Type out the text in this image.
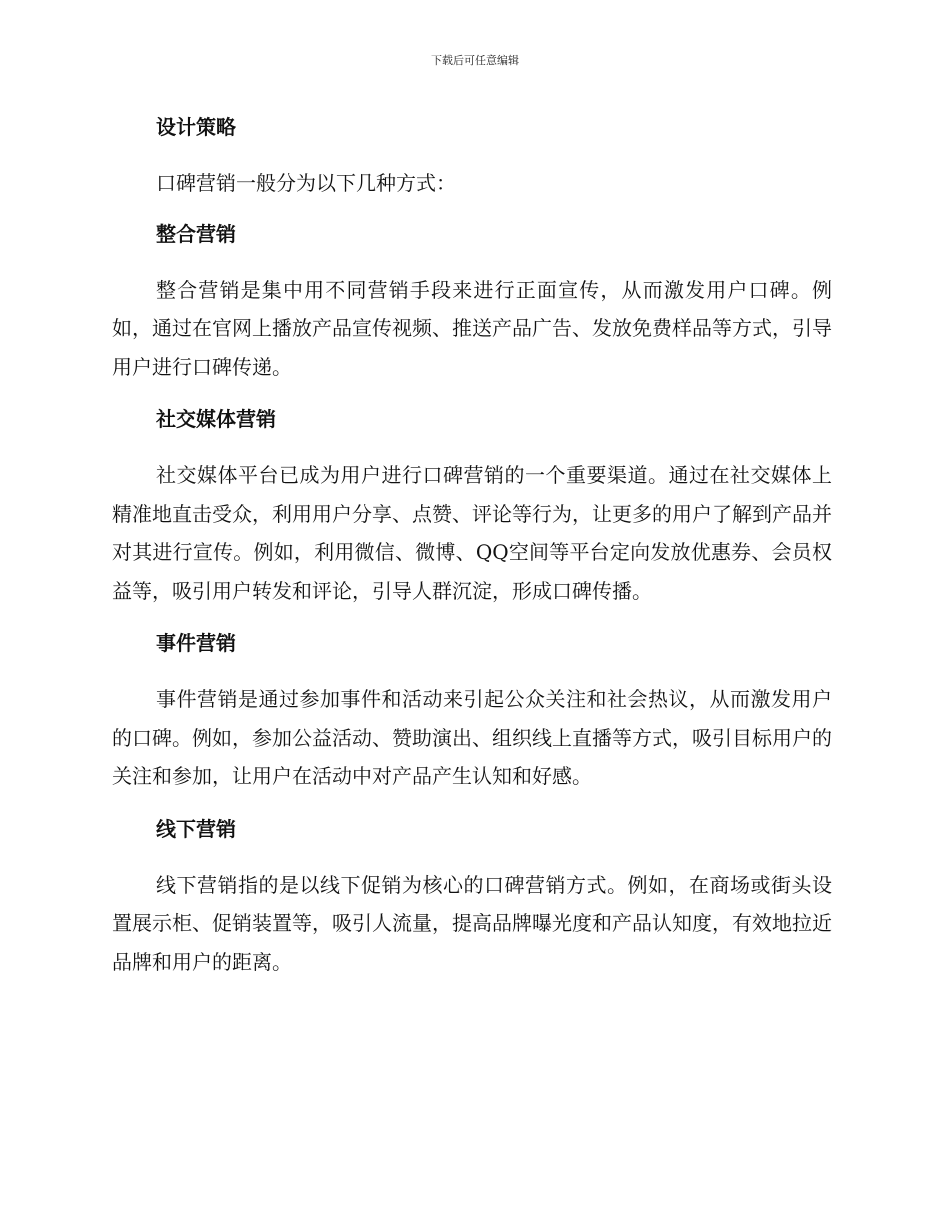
下载后可任意编辑
设计策略

口碑营销一般分为以下几种方式：

整合营销

整合营销是集中用不同营销手段来进行正面宣传，从而激发用户口碑。例如，通过在官网上播放产品宣传视频、推送产品广告、发放免费样品等方式，引导用户进行口碑传递。

社交媒体营销

社交媒体平台已成为用户进行口碑营销的一个重要渠道。通过在社交媒体上精准地直击受众，利用用户分享、点赞、评论等行为，让更多的用户了解到产品并对其进行宣传。例如，利用微信、微博、QQ空间等平台定向发放优惠券、会员权益等，吸引用户转发和评论，引导人群沉淀，形成口碑传播。

事件营销

事件营销是通过参加事件和活动来引起公众关注和社会热议，从而激发用户的口碑。例如，参加公益活动、赞助演出、组织线上直播等方式，吸引目标用户的关注和参加，让用户在活动中对产品产生认知和好感。

线下营销

线下营销指的是以线下促销为核心的口碑营销方式。例如，在商场或街头设置展示柜、促销装置等，吸引人流量，提高品牌曝光度和产品认知度，有效地拉近品牌和用户的距离。
